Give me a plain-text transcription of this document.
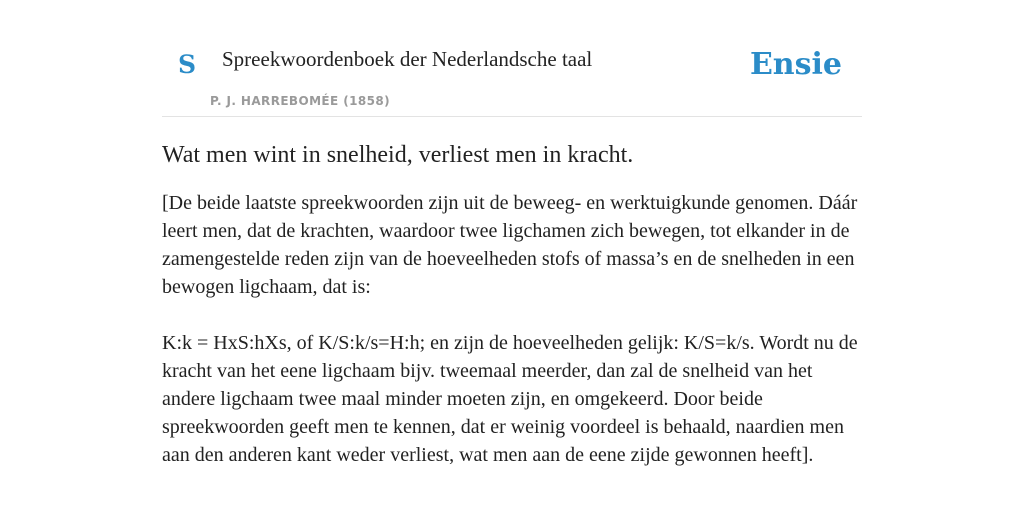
S Spreekwoordenboek der Nederlandsche taal
P. J. HARREBOMÉE (1858)
Ensie
Wat men wint in snelheid, verliest men in kracht.

[De beide laatste spreekwoorden zijn uit de beweeg- en werktuigkunde genomen. Dáár leert men, dat de krachten, waardoor twee ligchamen zich bewegen, tot elkander in de zamengestelde reden zijn van de hoeveelheden stofs of massa’s en de snelheden in een bewogen ligchaam, dat is:

K:k = HxS:hXs, of K/S:k/s=H:h; en zijn de hoeveelheden gelijk: K/S=k/s. Wordt nu de kracht van het eene ligchaam bijv. tweemaal meerder, dan zal de snelheid van het andere ligchaam twee maal minder moeten zijn, en omgekeerd. Door beide spreekwoorden geeft men te kennen, dat er weinig voordeel is behaald, naardien men aan den anderen kant weder verliest, wat men aan de eene zijde gewonnen heeft].
